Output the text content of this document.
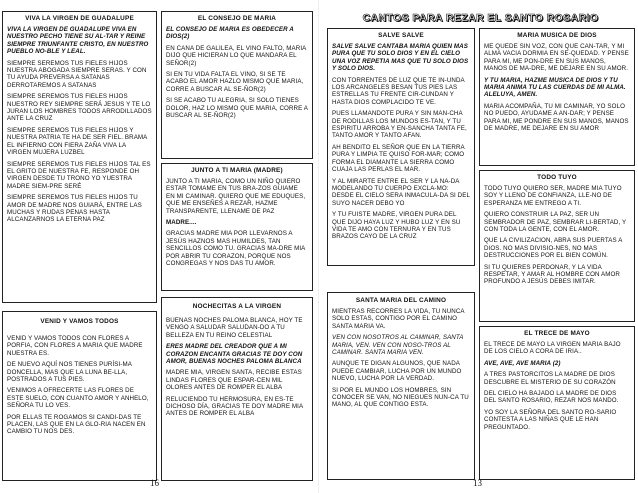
CANTOS PARA REZAR EL SANTO ROSARIO
VIVA LA VIRGEN DE GUADALUPE

VIVA LA VIRGEN DE GUADALUPE VIVA EN NUESTRO PECHO TIENE SU AL-TAR Y REINE SIEMPRE TRIUNFANTE CRISTO, EN NUESTRO PUEBLO NO-BLE Y LEAL.

SIEMPRE SEREMOS TUS FIELES HIJOS NUESTRA ABOGADA SIEMPRE SERAS. Y CON TU AYUDA PREVERSA A SATANAS DERROTAREMOS A SATANAS

SIEMPRE SEREMOS TUS FIELES HIJOS NUESTRO REY SIEMPRE SERÁ JESUS Y TE LO JURAN LOS HOMBRES TODOS ARRODILLADOS ANTE LA CRUZ

SIEMPRE SEREMOS TUS FIELES HIJOS Y NUESTRA PATRIA TE HA DE SER FIEL. BRAMA EL INFIERNO CON FIERA ZAÑA VIVA LA VIRGEN MUJERA LUZBEL

SIEMPRE SEREMOS TUS FIELES HIJOS TAL ES EL GRITO DE NUESTRA FE, RESPONDE OH VIRGEN DESDE TU TRONO YO YUESTRA MADRE SIEM-PRE SERÉ

SIEMPRE SEREMOS TUS FIELES HIJOS TU AMOR DE MADRE NOS GUIARÁ, ENTRE LAS MUCHAS Y RUDAS PENAS HASTA ALCANZARNOS LA ETERNA PAZ

VENID Y VAMOS TODOS

VENID Y VAMOS TODOS CON FLORES A PORFIA, CON FLORES A MARIA QUE MADRE NUESTRA ES.

DE NUEVO AQUÍ NOS TIENES PURÍSI-MA DONCELLA, MAS QUE LA LUNA BE-LLA, POSTRADOS A TUS PIES.

VENIMOS A OFRECERTE LAS FLORES DE ESTE SUELO, CON CUANTO AMOR Y ANHELO, SEÑORA TU LO VES.

POR ELLAS TE ROGAMOS SI CANDI-DAS TE PLACEN, LAS QUE EN LA GLO-RIA NACEN EN CAMBIO TU NOS DES.

EL CONSEJO DE MARIA

EL CONSEJO DE MARIA ES OBEDECER A DIOS(2)

EN CANA DE GALILEA, EL VINO FALTO, MARIA DIJO QUE HICIERAN LO QUE MANDARA EL SEÑOR(2)

SI EN TU VIDA FALTA EL VINO, SI SE TE ACABO EL AMOR HAZLO MISMO QUE MARIA, CORRE A BUSCAR AL SE-ÑOR(2)

SI SE ACABO TU ALEGRIA, SI SOLO TIENES DOLOR, HAZ LO MISMO QUE MARIA, CORRE A BUSCAR AL SE-ÑOR(2)

JUNTO A TI MARIA (MADRE)

JUNTO A TI MARIA, COMO UN NIÑO QUIERO ESTAR TOMAME EN TUS BRA-ZOS GUIAME EN MI CAMINAR. QUIERO QUE ME EDUQUES, QUE ME ENSEÑES A REZAR, HAZME TRANSPARENTE, LLENAME DE PAZ

MADRE....

GRACIAS MADRE MIA POR LLEVARNOS A JESÚS HAZNOS MAS HUMILDES, TAN SENCILLOS COMO TU. GRACIAS MA-DRE MIA POR ABRIR TU CORAZON, PORQUE NOS CONGREGAS Y NOS DAS TU AMOR.

NOCHECITAS A LA VIRGEN

BUENAS NOCHES PALOMA BLANCA, HOY TE VENGO A SALUDAR SALUDAN-DO A TU BELLEZA EN TU REINO CELESTIAL

ERES MADRE DEL CREADOR QUE A MI CORAZON ENCANTA GRACIAS TE DOY CON AMOR, BUENAS NOCHES PALOMA BLANCA

MADRE MIA, VIRGEN SANTA, RECIBE ESTAS LINDAS FLORES QUE ESPAR-CEN MIL OLORES ANTES DE ROMPER EL ALBA

RELUCIENDO TU HERMOSURA, EN ES-TE DICHOSO DÍA, GRACIAS TE DOY MADRE MIA ANTES DE ROMPER EL ALBA

16
SALVE SALVE

SALVE SALVE CANTABA MARIA QUIEN MAS PURA QUE TU SOLO DIOS Y EN EL CIELO UNA VOZ REPETIA MAS QUE TU SOLO DIOS Y SOLO DIOS.

CON TORRENTES DE LUZ QUE TE IN-UNDA LOS ARCANGELES BESAN TUS PIES LAS ESTRELLAS TU FRENTE CIR-CUNDAN Y HASTA DIOS COMPLACIDO TE VE.

PUES LLAMANDOTE PURA Y SIN MAN-CHA DE RODILLAS LOS MUNDOS ES-TAN, Y TU ESPIRITU ARROBA Y EN-SANCHA TANTA FE, TANTO AMOR Y TANTO AFAN.

AH BENDITO EL SEÑOR QUE EN LA TIERRA PURA Y LIMPIA TE QUISO FOR-MAR; COMO FORMA EL DIAMANTE LA SIERRA COMO CUAJA LAS PERLAS EL MAR.

Y AL MIRARTE ENTRE EL SER Y LA NA-DA MODELANDO TU CUERPO EXCLA-MO: DESDE EL CIELO SERA INMACULA-DA SI DEL SUYO NACER DEBO YO

Y TU FUISTE MADRE, VIRGEN PURA DEL QUE DIJO HAYA LUZ Y HUBO LUZ Y EN SU VIDA TE AMO CON TERNURA Y EN TUS BRAZOS CAYO DE LA CRUZ

SANTA MARIA DEL CAMINO

MIENTRAS RECORRES LA VIDA, TU NUNCA SOLO ESTAS, CONTIGO POR EL CAMINO SANTA MARIA VA.

VEN CON NOSOTROS AL CAMINAR, SANTA MARIA, VEN. VEN CON NOSO-TROS AL CAMINAR. SANTA MARIA VEN.

AUNQUE TE DIGAN ALGUNOS, QUE NADA PUEDE CAMBIAR, LUCHA POR UN MUNDO NUEVO, LUCHA POR LA VERDAD.

SI POR EL MUNDO LOS HOMBRES, SIN CONOCER SE VAN, NO NIEGUES NUN-CA TU MANO, AL QUE CONTIGO ESTA.

MARIA MUSICA DE DIOS

ME QUEDE SIN VOZ, CON QUE CAN-TAR, Y MI ALMA VACIA DORMIA EN SE-QUEDAD. Y PENSE PARA MI, ME PON-DRE EN SUS MANOS, MANOS DE MA-DRE, ME DEJARE EN SU AMOR.

Y TU MARIA, HAZME MUSICA DE DIOS Y TU MARIA ANIMA TU LAS CUERDAS DE MI ALMA. ALELUYA, AMEN.

MARIA ACOMPAÑA, TU MI CAMINAR, YO SOLO NO PUEDO, AYUDAME A AN-DAR; Y PENSE PARA MI, ME PONDRE EN SUS MANOS, MANOS DE MADRE, ME DEJARE EN SU AMOR

TODO TUYO

TODO TUYO QUIERO SER, MADRE MIA TUYO SOY Y LLENO DE CONFIANZA, LLE-NO DE ESPERANZA ME ENTREGO A TI.

QUIERO CONSTRUIR LA PAZ, SER UN SEMBRADOR DE PAZ, SEMBRAR LI-BERTAD, Y CON TODA LA GENTE, CON EL AMOR.

QUE LA CIVILIZACION, ABRA SUS PUERTAS A DIOS. NO MAS DIVISIO-NES, NO MAS DESTRUCCIONES POR EL BIEN COMÚN.

SI TU QUIERES PERDONAR, Y LA VIDA RESPETAR, Y AMAR AL HOMBRE CON AMOR PROFUNDO A JESÚS DEBES IMITAR.

EL TRECE DE MAYO

EL TRECE DE MAYO LA VIRGEN MARIA BAJO DE LOS CIELO A CORA DE IRIA..

AVE, AVE, AVE MARIA (2)

A TRES PASTORCITOS LA MADRE DE DIOS DESCUBRE EL MISTERIO DE SU CORAZÓN

DEL CIELO HA BAJADO LA MADRE DE DIOS DEL SANTO ROSARIO, REZAR NOS MANDO.

YO SOY LA SEÑORA DEL SANTO RO-SARIO CONTESTA A LAS NIÑAS QUE LE HAN PREGUNTADO.

13
